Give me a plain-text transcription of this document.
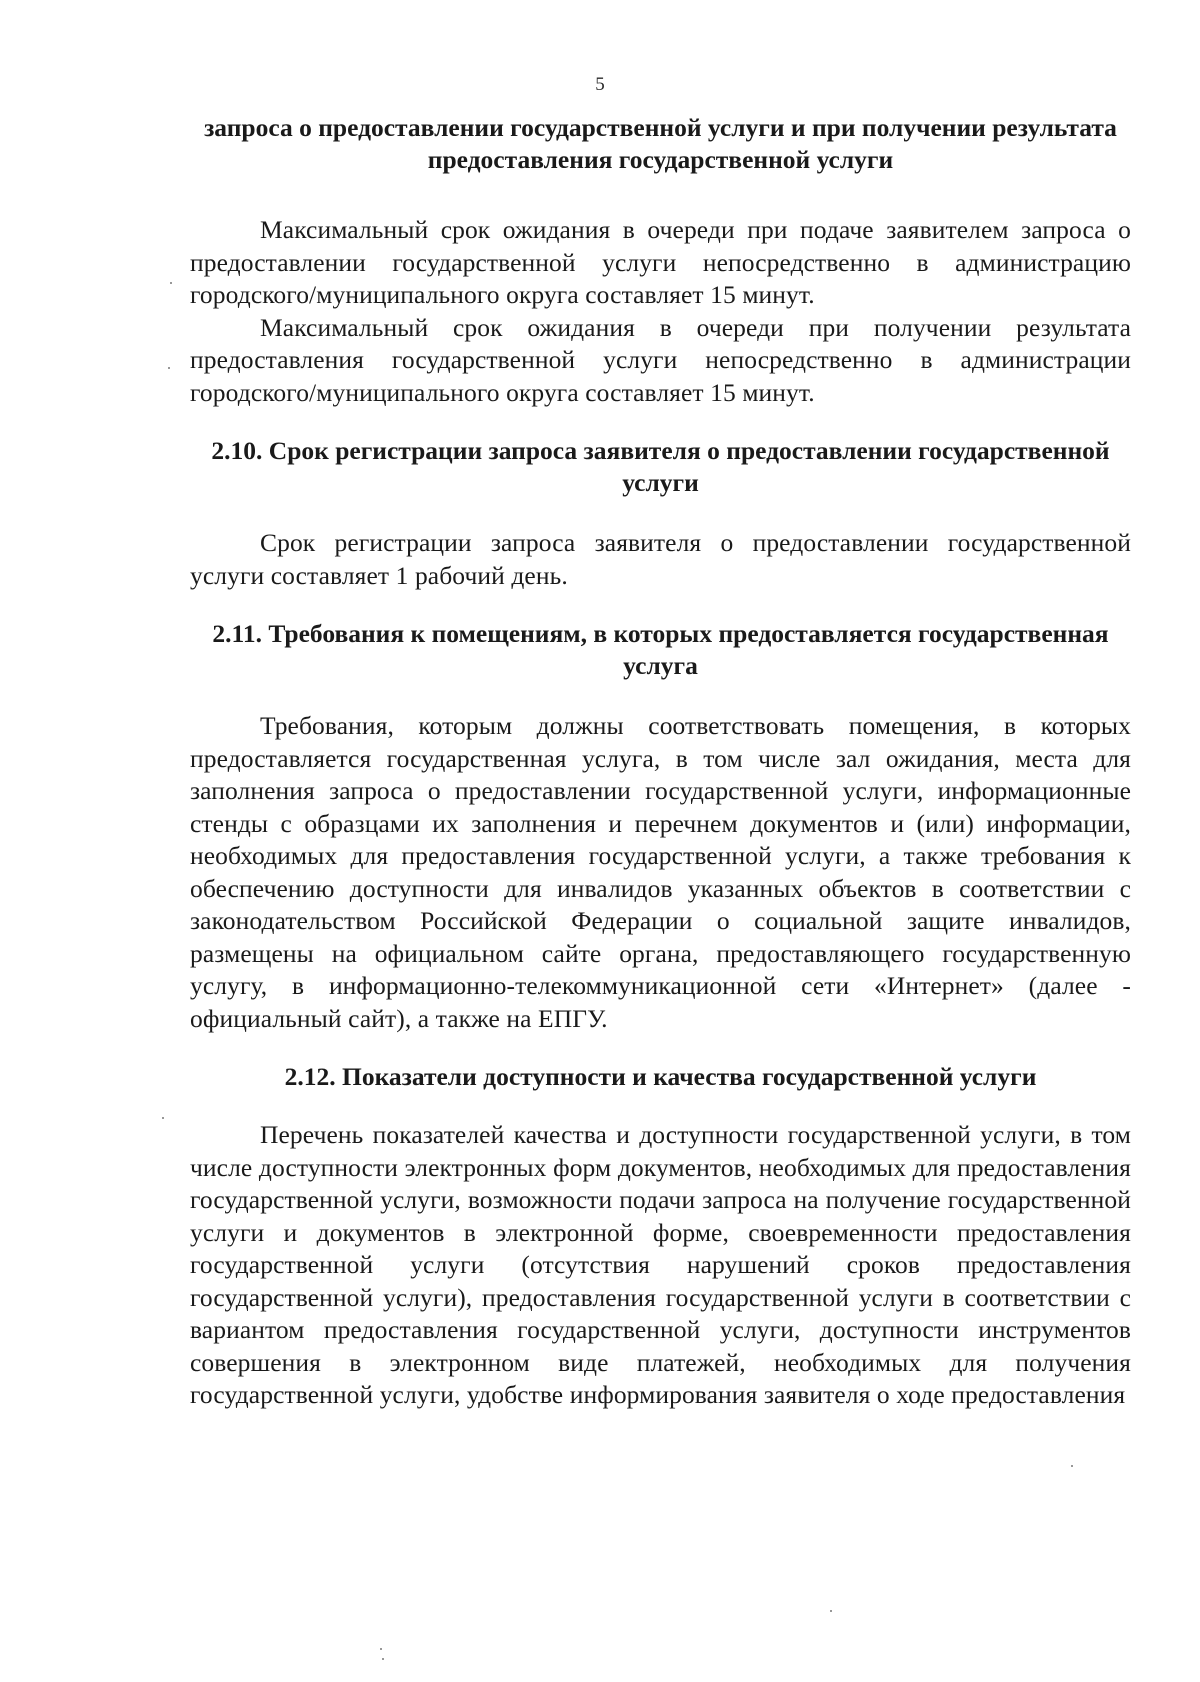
5

запроса о предоставлении государственной услуги и при получении результата предоставления государственной услуги

Максимальный срок ожидания в очереди при подаче заявителем запроса о предоставлении государственной услуги непосредственно в администрацию городского/муниципального округа составляет 15 минут.

Максимальный срок ожидания в очереди при получении результата предоставления государственной услуги непосредственно в администрации городского/муниципального округа составляет 15 минут.

2.10. Срок регистрации запроса заявителя о предоставлении государственной услуги

Срок регистрации запроса заявителя о предоставлении государственной услуги составляет 1 рабочий день.

2.11. Требования к помещениям, в которых предоставляется государственная услуга

Требования, которым должны соответствовать помещения, в которых предоставляется государственная услуга, в том числе зал ожидания, места для заполнения запроса о предоставлении государственной услуги, информационные стенды с образцами их заполнения и перечнем документов и (или) информации, необходимых для предоставления государственной услуги, а также требования к обеспечению доступности для инвалидов указанных объектов в соответствии с законодательством Российской Федерации о социальной защите инвалидов, размещены на официальном сайте органа, предоставляющего государственную услугу, в информационно-телекоммуникационной сети «Интернет» (далее - официальный сайт), а также на ЕПГУ.

2.12. Показатели доступности и качества государственной услуги

Перечень показателей качества и доступности государственной услуги, в том числе доступности электронных форм документов, необходимых для предоставления государственной услуги, возможности подачи запроса на получение государственной услуги и документов в электронной форме, своевременности предоставления государственной услуги (отсутствия нарушений сроков предоставления государственной услуги), предоставления государственной услуги в соответствии с вариантом предоставления государственной услуги, доступности инструментов совершения в электронном виде платежей, необходимых для получения государственной услуги, удобстве информирования заявителя о ходе предоставления
